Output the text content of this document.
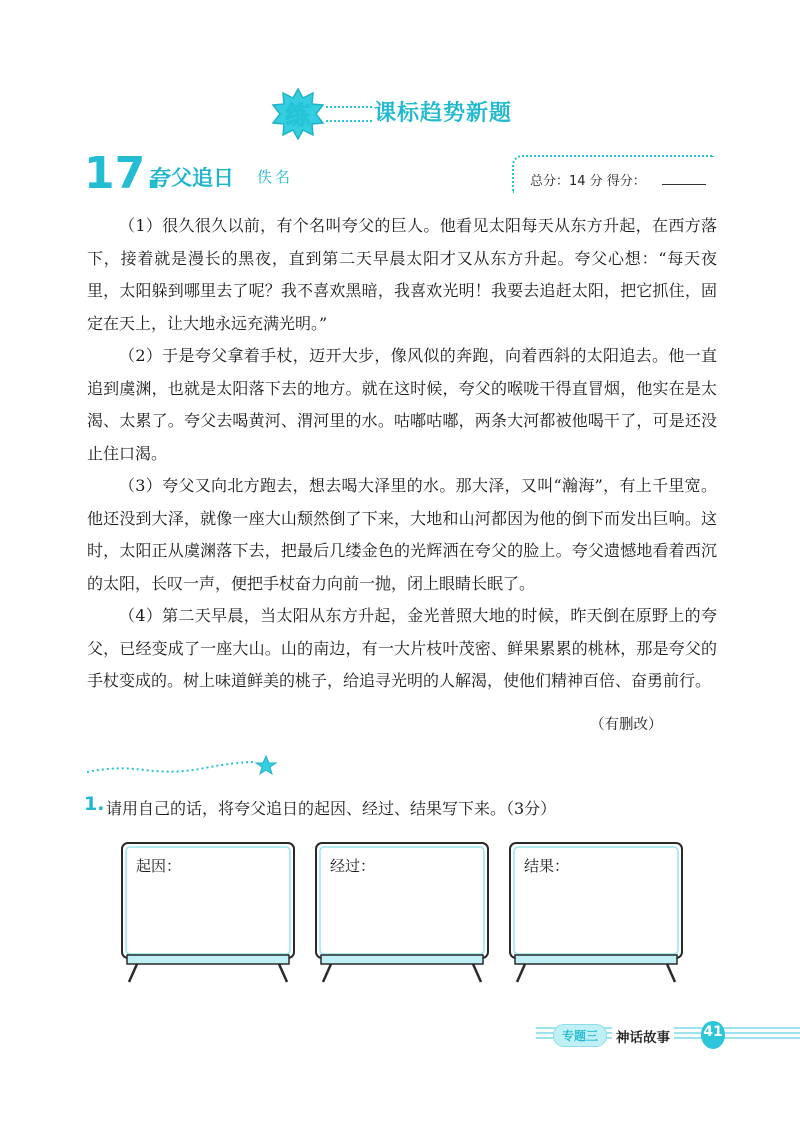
练	课标趋势新题
17.
夸父追日 佚名	总分：14 分 得分：

（1）很久很久以前，有个名叫夸父的巨人。他看见太阳每天从东方升起，在西方落下，接着就是漫长的黑夜，直到第二天早晨太阳才又从东方升起。夸父心想：“每天夜里，太阳躲到哪里去了呢？我不喜欢黑暗，我喜欢光明！我要去追赶太阳，把它抓住，固定在天上，让大地永远充满光明。”

（2）于是夸父拿着手杖，迈开大步，像风似的奔跑，向着西斜的太阳追去。他一直追到虞渊，也就是太阳落下去的地方。就在这时候，夸父的喉咙干得直冒烟，他实在是太渴、太累了。夸父去喝黄河、渭河里的水。咕嘟咕嘟，两条大河都被他喝干了，可是还没止住口渴。

（3）夸父又向北方跑去，想去喝大泽里的水。那大泽，又叫“瀚海”，有上千里宽。他还没到大泽，就像一座大山颓然倒了下来，大地和山河都因为他的倒下而发出巨响。这时，太阳正从虞渊落下去，把最后几缕金色的光辉洒在夸父的脸上。夸父遗憾地看着西沉的太阳，长叹一声，便把手杖奋力向前一抛，闭上眼睛长眠了。

（4）第二天早晨，当太阳从东方升起，金光普照大地的时候，昨天倒在原野上的夸父，已经变成了一座大山。山的南边，有一大片枝叶茂密、鲜果累累的桃林，那是夸父的手杖变成的。树上味道鲜美的桃子，给追寻光明的人解渴，使他们精神百倍、奋勇前行。

（有删改）
1. 请用自己的话，将夸父追日的起因、经过、结果写下来。（3分）
起因：	经过：	结果：
专题三	神话故事 41
